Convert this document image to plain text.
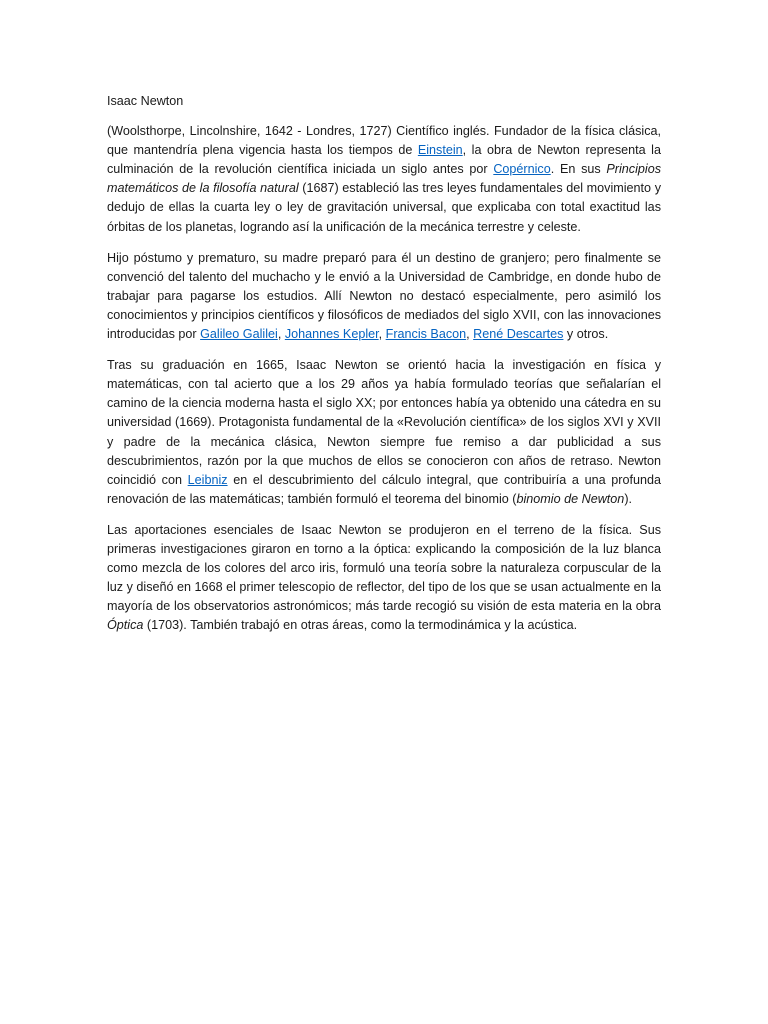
Isaac Newton

(Woolsthorpe, Lincolnshire, 1642 - Londres, 1727) Científico inglés. Fundador de la física clásica, que mantendría plena vigencia hasta los tiempos de Einstein, la obra de Newton representa la culminación de la revolución científica iniciada un siglo antes por Copérnico. En sus Principios matemáticos de la filosofía natural (1687) estableció las tres leyes fundamentales del movimiento y dedujo de ellas la cuarta ley o ley de gravitación universal, que explicaba con total exactitud las órbitas de los planetas, logrando así la unificación de la mecánica terrestre y celeste.

Hijo póstumo y prematuro, su madre preparó para él un destino de granjero; pero finalmente se convenció del talento del muchacho y le envió a la Universidad de Cambridge, en donde hubo de trabajar para pagarse los estudios. Allí Newton no destacó especialmente, pero asimiló los conocimientos y principios científicos y filosóficos de mediados del siglo XVII, con las innovaciones introducidas por Galileo Galilei, Johannes Kepler, Francis Bacon, René Descartes y otros.

Tras su graduación en 1665, Isaac Newton se orientó hacia la investigación en física y matemáticas, con tal acierto que a los 29 años ya había formulado teorías que señalarían el camino de la ciencia moderna hasta el siglo XX; por entonces había ya obtenido una cátedra en su universidad (1669). Protagonista fundamental de la «Revolución científica» de los siglos XVI y XVII y padre de la mecánica clásica, Newton siempre fue remiso a dar publicidad a sus descubrimientos, razón por la que muchos de ellos se conocieron con años de retraso. Newton coincidió con Leibniz en el descubrimiento del cálculo integral, que contribuiría a una profunda renovación de las matemáticas; también formuló el teorema del binomio (binomio de Newton).

Las aportaciones esenciales de Isaac Newton se produjeron en el terreno de la física. Sus primeras investigaciones giraron en torno a la óptica: explicando la composición de la luz blanca como mezcla de los colores del arco iris, formuló una teoría sobre la naturaleza corpuscular de la luz y diseñó en 1668 el primer telescopio de reflector, del tipo de los que se usan actualmente en la mayoría de los observatorios astronómicos; más tarde recogió su visión de esta materia en la obra Óptica (1703). También trabajó en otras áreas, como la termodinámica y la acústica.
